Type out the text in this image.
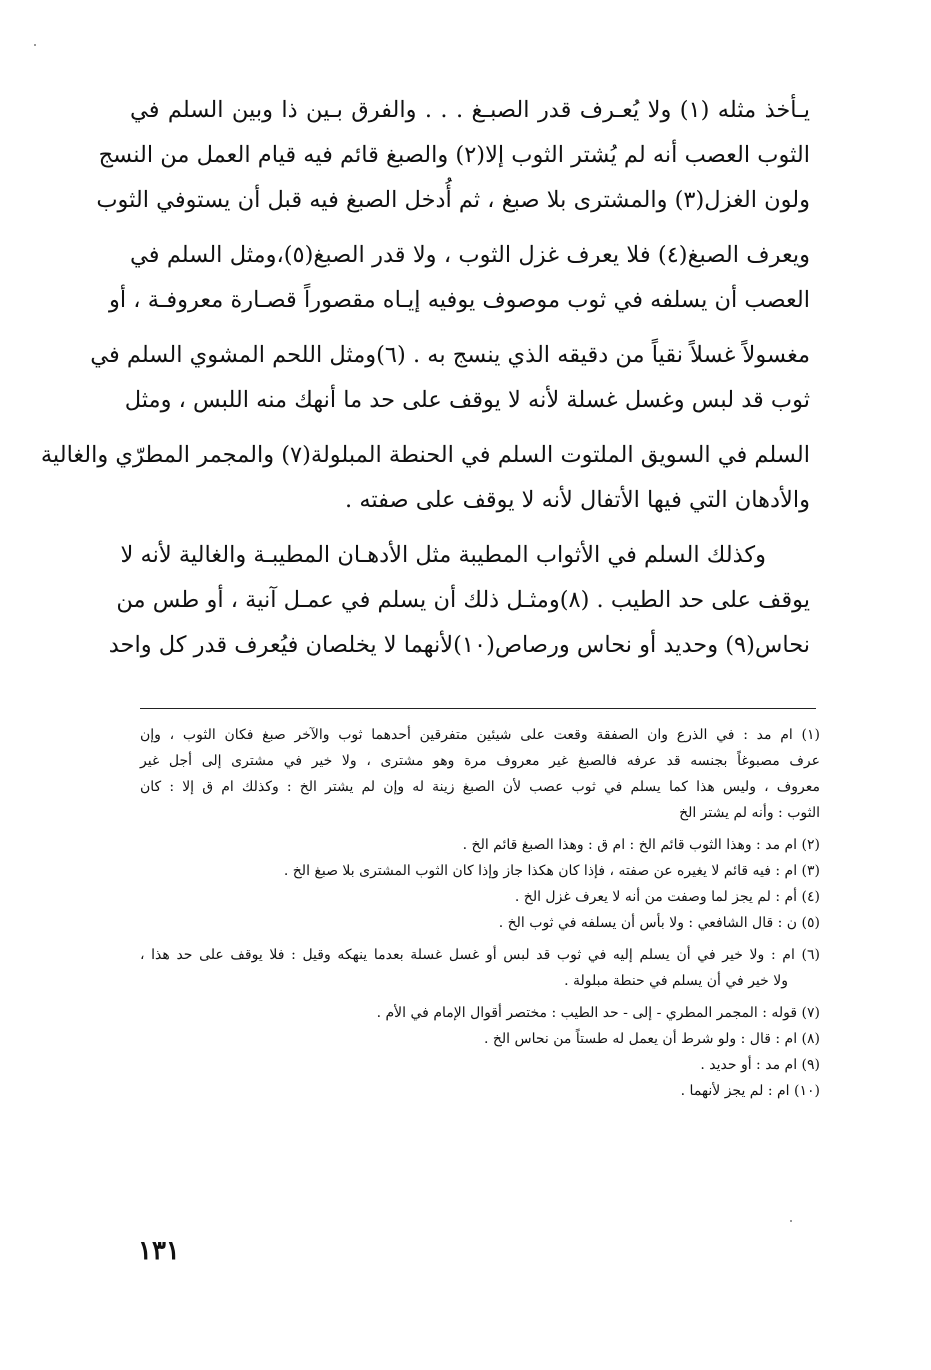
يـأخذ مثله (١) ولا يُعـرف قدر الصبـغ . . . والفرق بـين ذا وبين السلم في
الثوب العصب أنه لم يُشتر الثوب إلا(٢) والصبغ قائم فيه قيام العمل من النسج
ولون الغزل(٣) والمشترى بلا صبغ ، ثم أُدخل الصبغ فيه قبل أن يستوفي الثوب
ويعرف الصبغ(٤) فلا يعرف غزل الثوب ، ولا قدر الصبغ(٥)،ومثل السلم في
العصب أن يسلفه في ثوب موصوف يوفيه إيـاه مقصوراً قصـارة معروفـة ، أو
مغسولاً غسلاً نقياً من دقيقه الذي ينسج به . (٦)ومثل اللحم المشوي السلم في
ثوب قد لبس وغسل غسلة لأنه لا يوقف على حد ما أنهك منه اللبس ، ومثل
السلم في السويق الملتوت السلم في الحنطة المبلولة(٧) والمجمر المطرّي والغالية
والأدهان التي فيها الأتفال لأنه لا يوقف على صفته .
وكذلك السلم في الأثواب المطيبة مثل الأدهـان المطيبـة والغالية لأنه لا
يوقف على حد الطيب . (٨)ومثـل ذلك أن يسلم في عمـل آنية ، أو طس من
نحاس(٩) وحديد أو نحاس ورصاص(١٠)لأنهما لا يخلصان فيُعرف قدر كل واحد
(١) ام مد : في الذرع وان الصفقة وقعت على شيئين متفرقين أحدهما ثوب والآخر صبغ فكان الثوب ، وإن
عرف مصبوغاً بجنسه قد عرفه فالصبغ غير معروف مرة وهو مشترى ، ولا خير في مشترى إلى أجل غير
معروف ، وليس هذا كما يسلم في ثوب عصب لأن الصبغ زينة له وإن لم يشتر الخ : وكذلك ام ق إلا : كان
الثوب : وأنه لم يشتر الخ
(٢) ام مد : وهذا الثوب قائم الخ : ام ق : وهذا الصبغ قائم الخ .
(٣) ام : فيه قائم لا يغيره عن صفته ، فإذا كان هكذا جاز وإذا كان الثوب المشترى بلا صبغ الخ .
(٤) أم : لم يجز لما وصفت من أنه لا يعرف غزل الخ .
(٥) ن : قال الشافعي : ولا بأس أن يسلفه في ثوب الخ .
(٦) ام : ولا خير في أن يسلم إليه في ثوب قد لبس أو غسل غسلة بعدما ينهكه وقيل : فلا يوقف على حد هذا ،
ولا خير في أن يسلم في حنطة مبلولة .
(٧) قوله : المجمر المطري - إلى - حد الطيب : مختصر أقوال الإمام في الأم .
(٨) ام : قال : ولو شرط أن يعمل له طستاً من نحاس الخ .
(٩) ام مد : أو حديد .
(١٠) ام : لم يجز لأنهما .
١٣١
